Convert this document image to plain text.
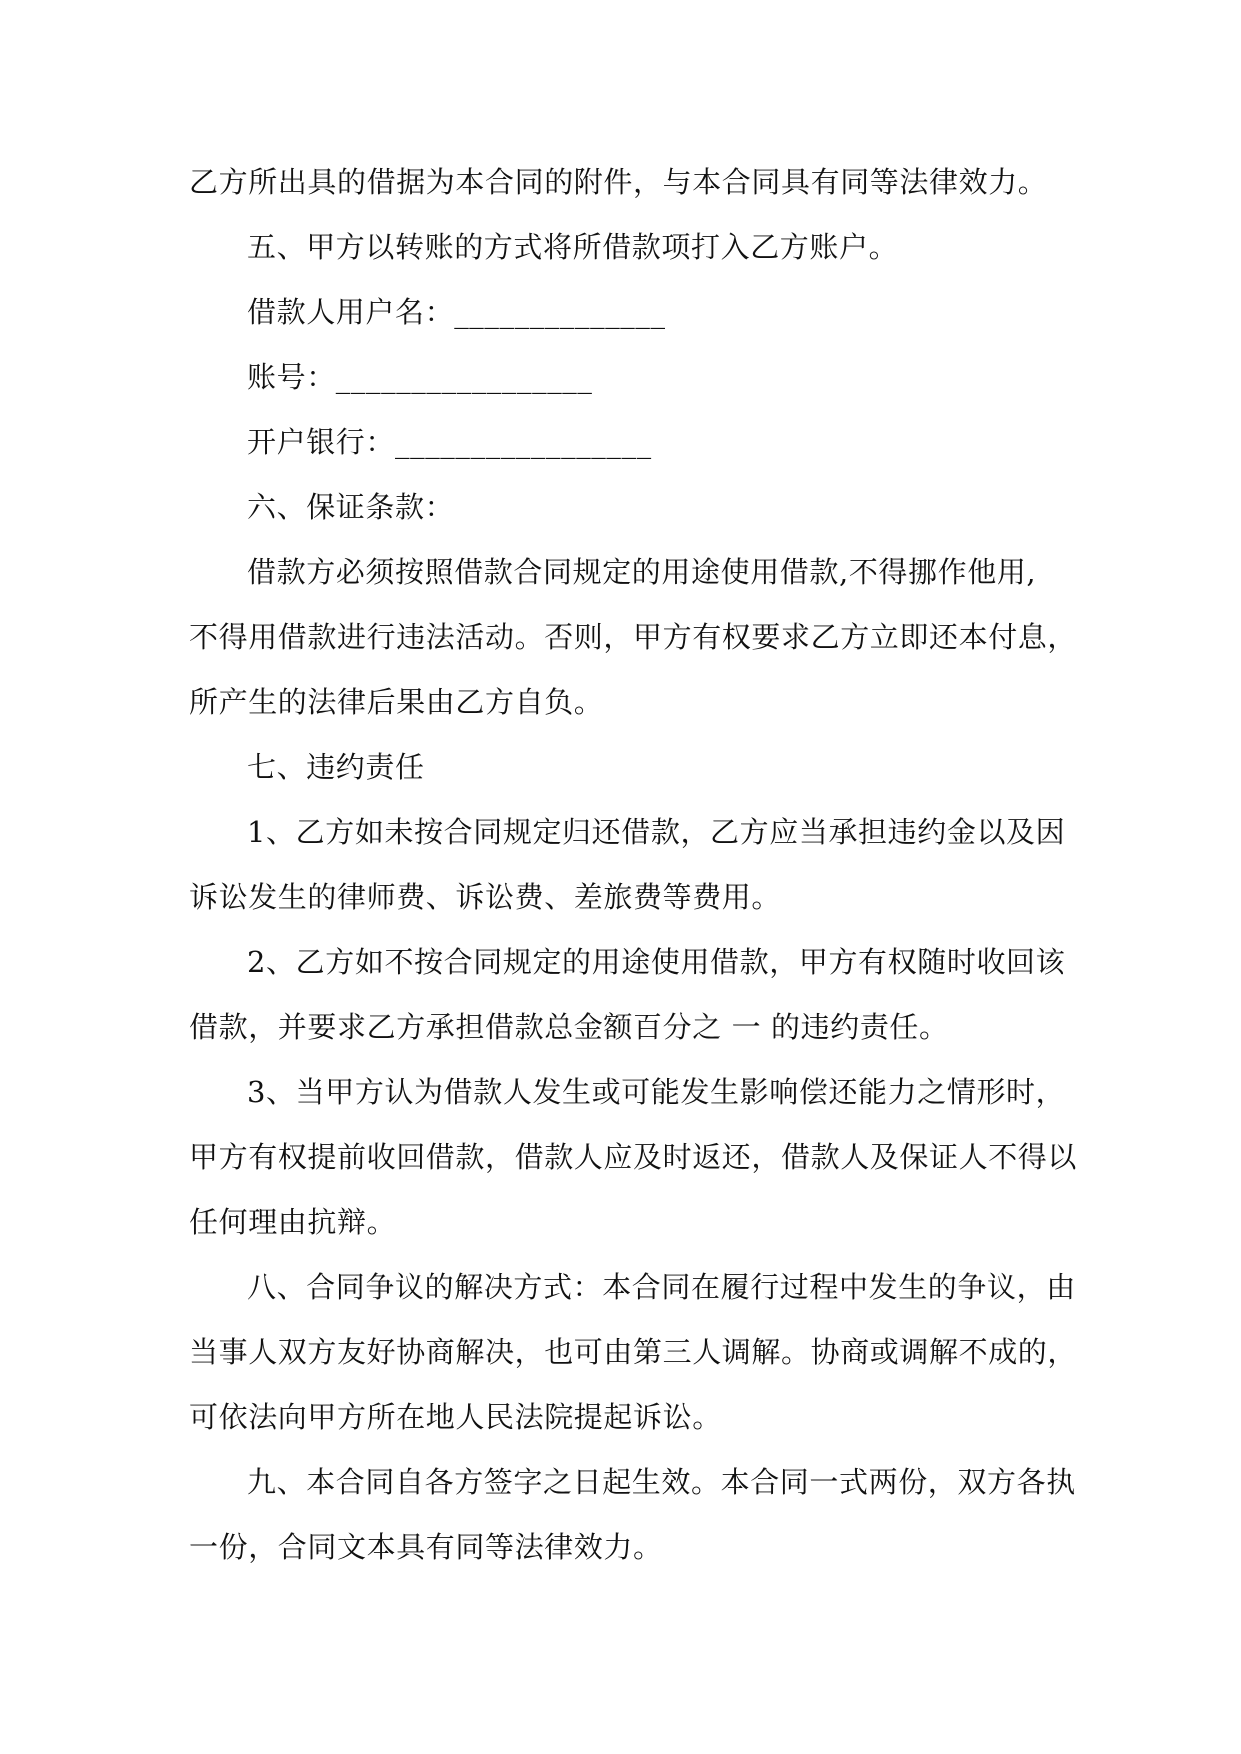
乙方所出具的借据为本合同的附件，与本合同具有同等法律效力。
五、甲方以转账的方式将所借款项打入乙方账户。
借款人用户名：______________
账号：_________________
开户银行：_________________
六、保证条款：
借款方必须按照借款合同规定的用途使用借款,不得挪作他用,
不得用借款进行违法活动。否则，甲方有权要求乙方立即还本付息，
所产生的法律后果由乙方自负。
七、违约责任
1、乙方如未按合同规定归还借款，乙方应当承担违约金以及因
诉讼发生的律师费、诉讼费、差旅费等费用。
2、乙方如不按合同规定的用途使用借款，甲方有权随时收回该
借款，并要求乙方承担借款总金额百分之 一 的违约责任。
3、当甲方认为借款人发生或可能发生影响偿还能力之情形时，
甲方有权提前收回借款，借款人应及时返还，借款人及保证人不得以
任何理由抗辩。
八、合同争议的解决方式：本合同在履行过程中发生的争议，由
当事人双方友好协商解决，也可由第三人调解。协商或调解不成的，
可依法向甲方所在地人民法院提起诉讼。
九、本合同自各方签字之日起生效。本合同一式两份，双方各执
一份，合同文本具有同等法律效力。
